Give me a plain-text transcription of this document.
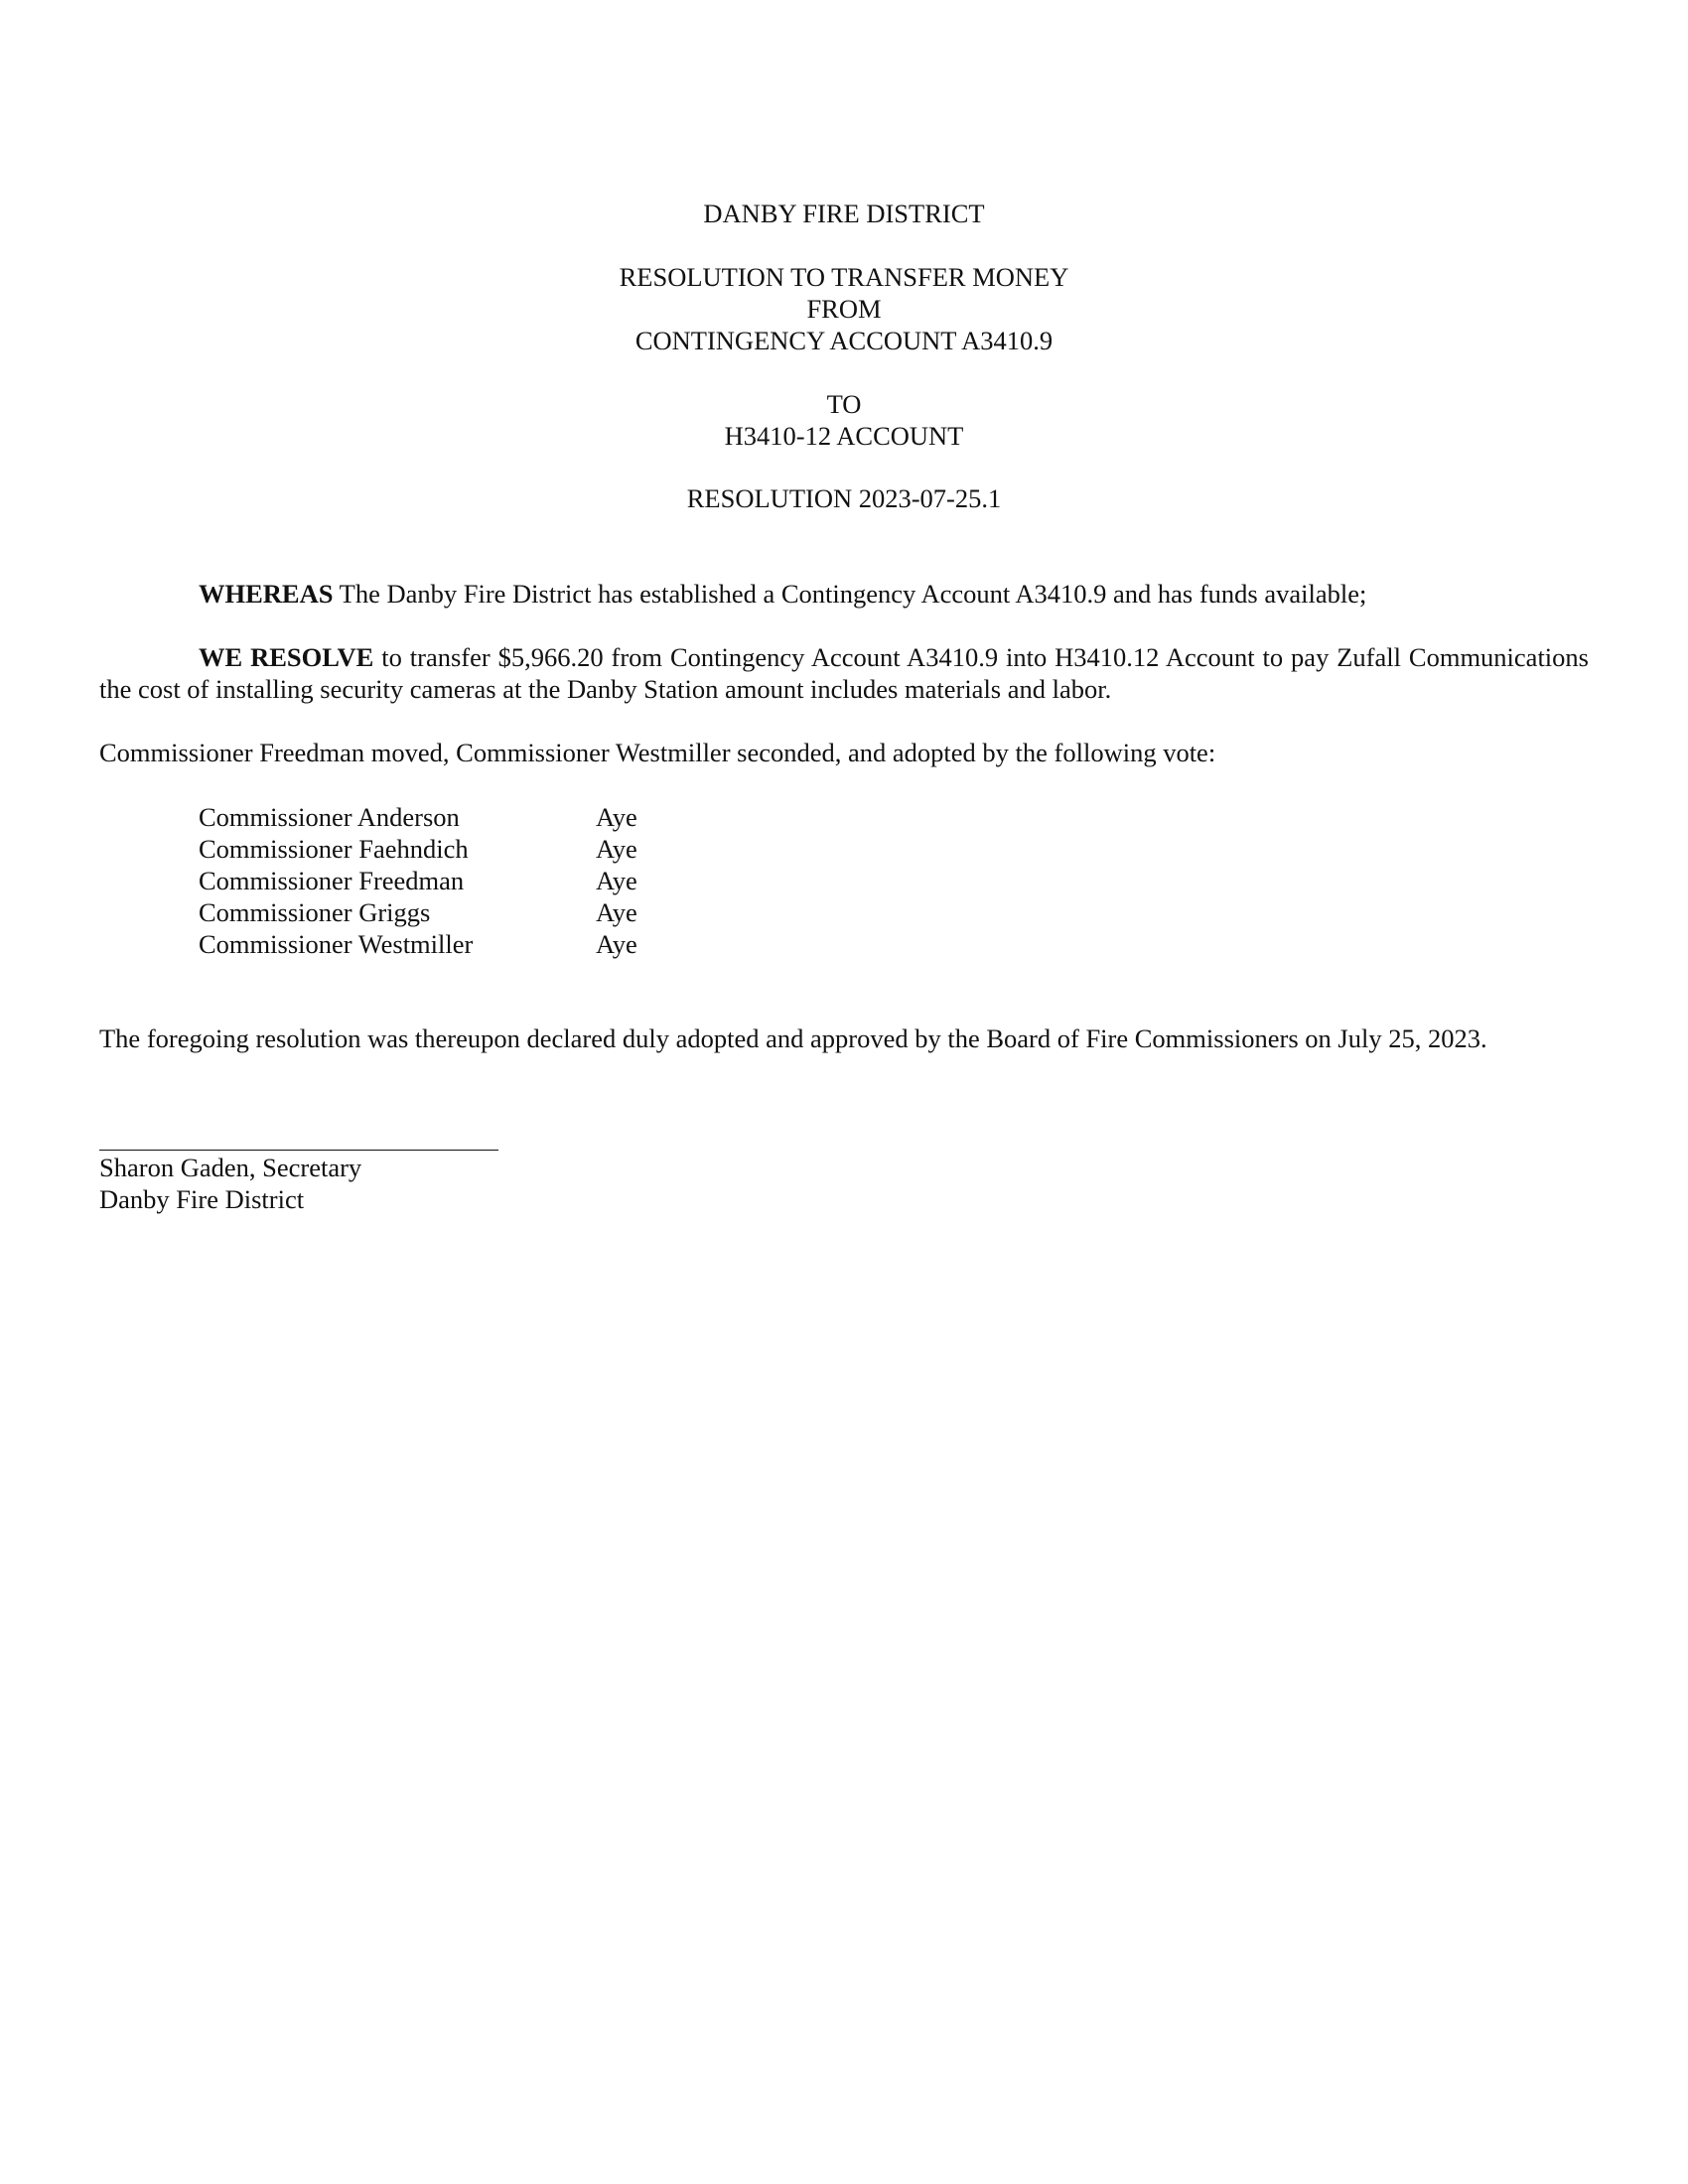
DANBY FIRE DISTRICT
RESOLUTION TO TRANSFER MONEY
FROM
CONTINGENCY ACCOUNT A3410.9
TO
H3410-12 ACCOUNT
RESOLUTION 2023-07-25.1
WHEREAS The Danby Fire District has established a Contingency Account A3410.9 and has funds available;
WE RESOLVE to transfer $5,966.20 from Contingency Account A3410.9 into H3410.12 Account to pay Zufall Communications the cost of installing security cameras at the Danby Station amount includes materials and labor.
Commissioner Freedman moved, Commissioner Westmiller seconded, and adopted by the following vote:
Commissioner Anderson	Aye
Commissioner Faehndich	Aye
Commissioner Freedman	Aye
Commissioner Griggs	Aye
Commissioner Westmiller	Aye
The foregoing resolution was thereupon declared duly adopted and approved by the Board of Fire Commissioners on July 25, 2023.
Sharon Gaden, Secretary
Danby Fire District
